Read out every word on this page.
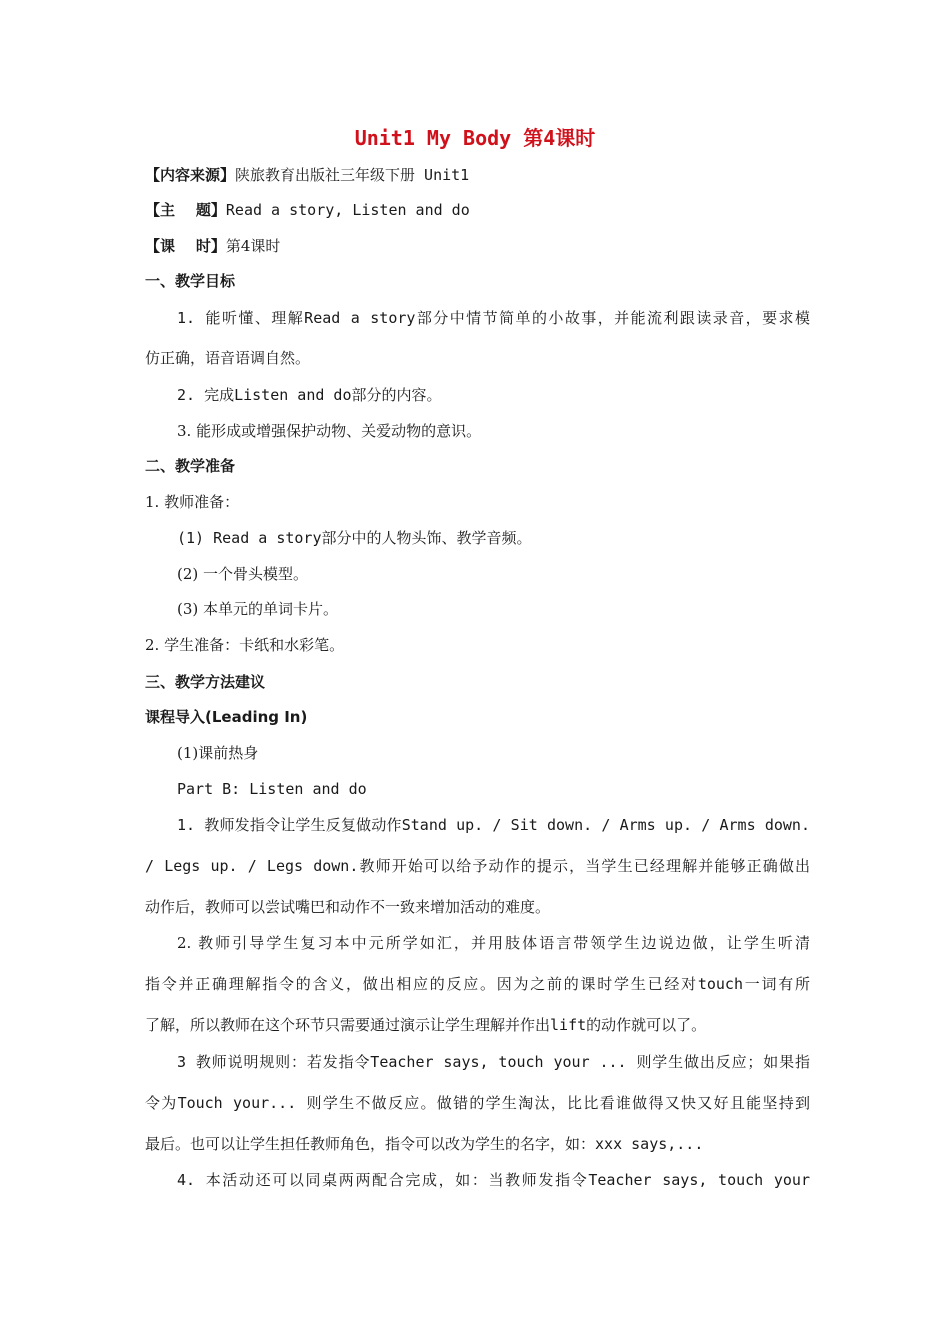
Unit1 My Body 第4课时
【内容来源】陕旅教育出版社三年级下册 Unit1
【主    题】Read a story, Listen and do
【课    时】第4课时
一、教学目标
1. 能听懂、理解Read a story部分中情节简单的小故事，并能流利跟读录音，要求模
仿正确，语音语调自然。
2. 完成Listen and do部分的内容。
3. 能形成或增强保护动物、关爱动物的意识。
二、教学准备
1. 教师准备：
(1) Read a story部分中的人物头饰、教学音频。
(2) 一个骨头模型。
(3) 本单元的单词卡片。
2. 学生准备：卡纸和水彩笔。
三、教学方法建议
课程导入(Leading In)
(1)课前热身
Part B: Listen and do
1. 教师发指令让学生反复做动作Stand up. / Sit down. / Arms up. / Arms down.
/ Legs up. / Legs down.教师开始可以给予动作的提示，当学生已经理解并能够正确做出
动作后，教师可以尝试嘴巴和动作不一致来增加活动的难度。
2. 教师引导学生复习本中元所学如汇，并用肢体语言带领学生边说边做，让学生听清
指令并正确理解指令的含义，做出相应的反应。因为之前的课时学生已经对touch一词有所
了解，所以教师在这个环节只需要通过演示让学生理解并作出lift的动作就可以了。
3 教师说明规则：若发指令Teacher says, touch your ... 则学生做出反应；如果指
令为Touch your... 则学生不做反应。做错的学生淘汰，比比看谁做得又快又好且能坚持到
最后。也可以让学生担任教师角色，指令可以改为学生的名字，如：xxx says,...
4. 本活动还可以同桌两两配合完成，如：当教师发指令Teacher says, touch your
